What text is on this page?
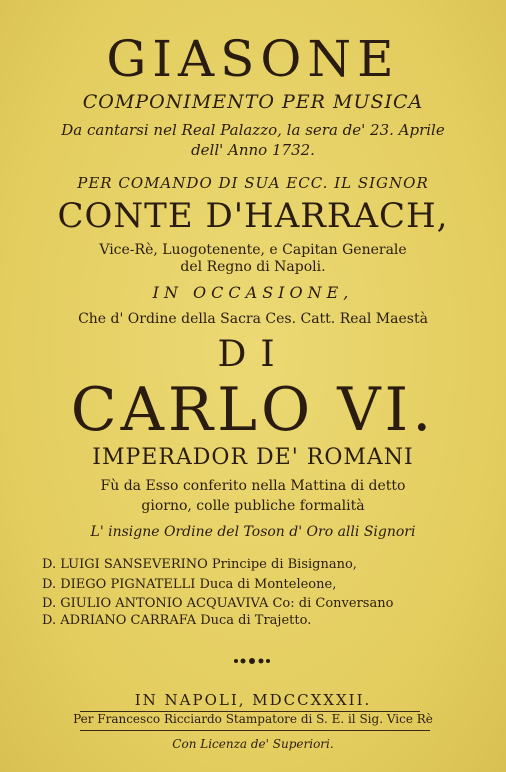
GIASONE
COMPONIMENTO PER MUSICA
Da cantarsi nel Real Palazzo, la sera de' 23. Aprile
dell' Anno 1732.
PER COMANDO DI SUA ECC. IL SIGNOR
CONTE D'HARRACH,
Vice-Rè, Luogotenente, e Capitan Generale
del Regno di Napoli.
IN OCCASIONE,
Che d' Ordine della Sacra Ces. Catt. Real Maestà
DI
CARLO VI.
IMPERADOR DE' ROMANI
Fù da Esso conferito nella Mattina di detto
giorno, colle publiche formalità
L' insigne Ordine del Toson d' Oro alli Signori
D. LUIGI SANSEVERINO Principe di Bisignano,
D. DIEGO PIGNATELLI Duca di Monteleone,
D. GIULIO ANTONIO ACQUAVIVA Co: di Conversano
D. ADRIANO CARRAFA Duca di Trajetto.
IN NAPOLI, MDCCXXXII.
Per Francesco Ricciardo Stampatore di S. E. il Sig. Vice Rè
Con Licenza de' Superiori.
